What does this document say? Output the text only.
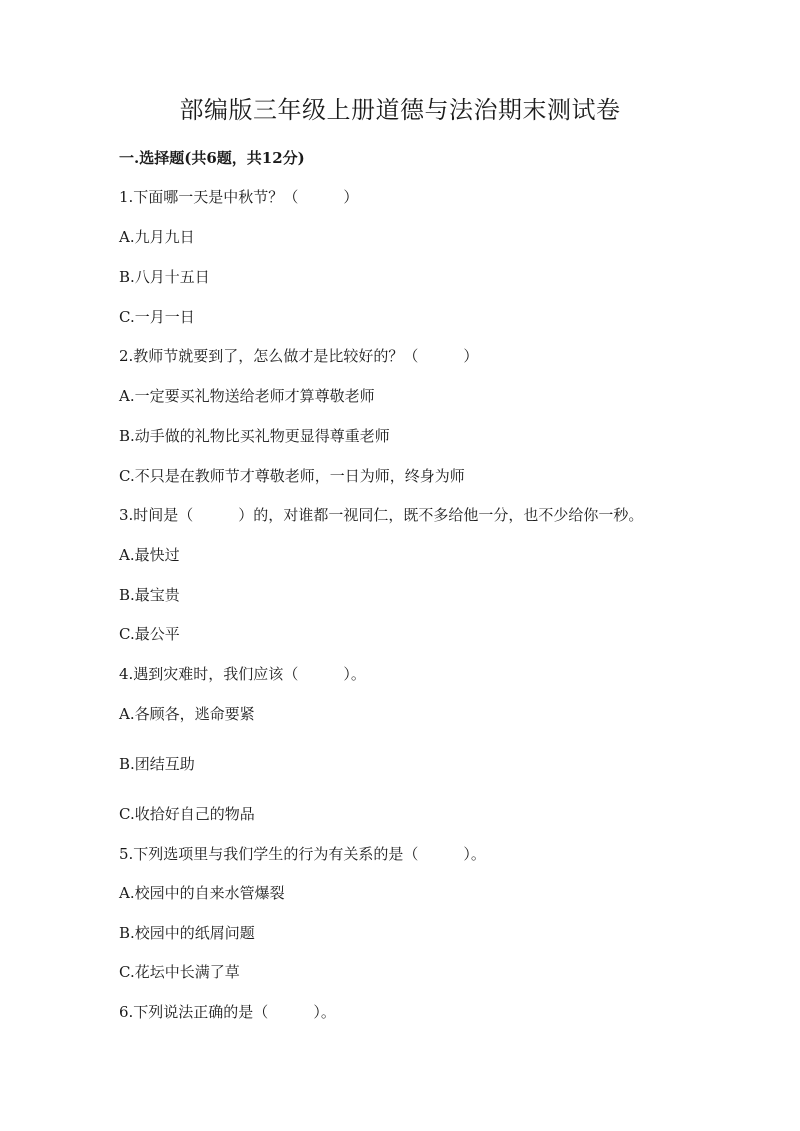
部编版三年级上册道德与法治期末测试卷
一.选择题(共6题，共12分)

1.下面哪一天是中秋节？（　　　）

A.九月九日

B.八月十五日

C.一月一日

2.教师节就要到了，怎么做才是比较好的？（　　　）

A.一定要买礼物送给老师才算尊敬老师

B.动手做的礼物比买礼物更显得尊重老师

C.不只是在教师节才尊敬老师，一日为师，终身为师

3.时间是（　　　）的，对谁都一视同仁，既不多给他一分，也不少给你一秒。

A.最快过

B.最宝贵

C.最公平

4.遇到灾难时，我们应该（　　　）。

A.各顾各，逃命要紧

B.团结互助

C.收拾好自己的物品

5.下列选项里与我们学生的行为有关系的是（　　　）。

A.校园中的自来水管爆裂

B.校园中的纸屑问题

C.花坛中长满了草

6.下列说法正确的是（　　　）。
